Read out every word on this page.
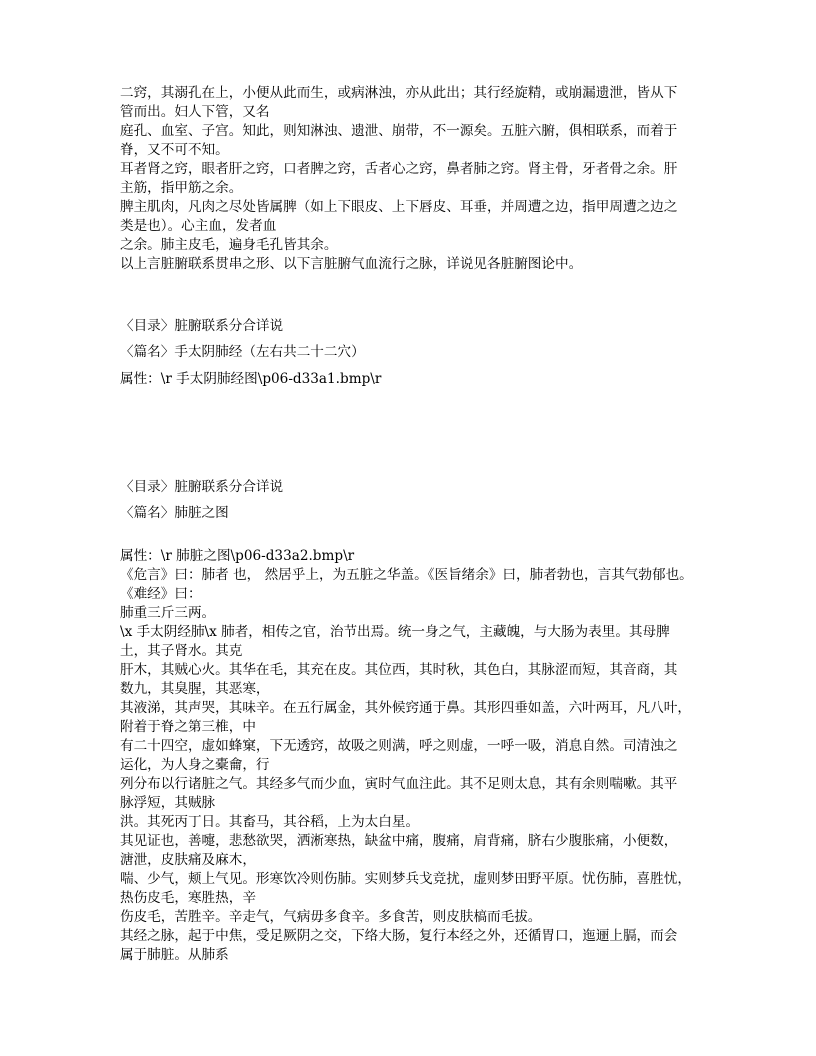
二窍，其溺孔在上，小便从此而生，或病淋浊，亦从此出；其行经旋精，或崩漏遗泄，皆从下
管而出。妇人下管，又名
庭孔、血室、子宫。知此，则知淋浊、遗泄、崩带，不一源矣。五脏六腑，俱相联系，而着于
脊，又不可不知。
耳者肾之窍，眼者肝之窍，口者脾之窍，舌者心之窍，鼻者肺之窍。肾主骨，牙者骨之余。肝
主筋，指甲筋之余。
脾主肌肉，凡肉之尽处皆属脾（如上下眼皮、上下唇皮、耳垂，并周遭之边，指甲周遭之边之
类是也）。心主血，发者血
之余。肺主皮毛，遍身毛孔皆其余。
以上言脏腑联系贯串之形、以下言脏腑气血流行之脉，详说见各脏腑图论中。
〈目录〉脏腑联系分合详说
〈篇名〉手太阴肺经（左右共二十二穴）
属性：\r 手太阴肺经图\p06-d33a1.bmp\r
〈目录〉脏腑联系分合详说
〈篇名〉肺脏之图
属性：\r 肺脏之图\p06-d33a2.bmp\r
《危言》曰：肺者 也， 然居乎上，为五脏之华盖。《医旨绪余》曰，肺者勃也，言其气勃郁也。
《难经》曰：
肺重三斤三两。
\x 手太阴经肺\x 肺者，相传之官，治节出焉。统一身之气，主藏魄，与大肠为表里。其母脾
土，其子肾水。其克
肝木，其贼心火。其华在毛，其充在皮。其位西，其时秋，其色白，其脉涩而短，其音商，其
数九，其臭腥，其恶寒，
其液涕，其声哭，其味辛。在五行属金，其外候窍通于鼻。其形四垂如盖，六叶两耳，凡八叶，
附着于脊之第三椎，中
有二十四空，虚如蜂窠，下无透窍，故吸之则满，呼之则虚，一呼一吸，消息自然。司清浊之
运化，为人身之橐龠，行
列分布以行诸脏之气。其经多气而少血，寅时气血注此。其不足则太息，其有余则喘嗽。其平
脉浮短，其贼脉
洪。其死丙丁日。其畜马，其谷稻，上为太白星。
其见证也，善嚏，悲愁欲哭，洒淅寒热，缺盆中痛，腹痛，肩背痛，脐右少腹胀痛，小便数，
溏泄，皮肤痛及麻木，
喘、少气，颊上气见。形寒饮冷则伤肺。实则梦兵戈竞扰，虚则梦田野平原。忧伤肺，喜胜忧，
热伤皮毛，寒胜热，辛
伤皮毛，苦胜辛。辛走气，气病毋多食辛。多食苦，则皮肤槁而毛拔。
其经之脉，起于中焦，受足厥阴之交，下络大肠，复行本经之外，还循胃口，迤逦上膈，而会
属于肺脏。从肺系
